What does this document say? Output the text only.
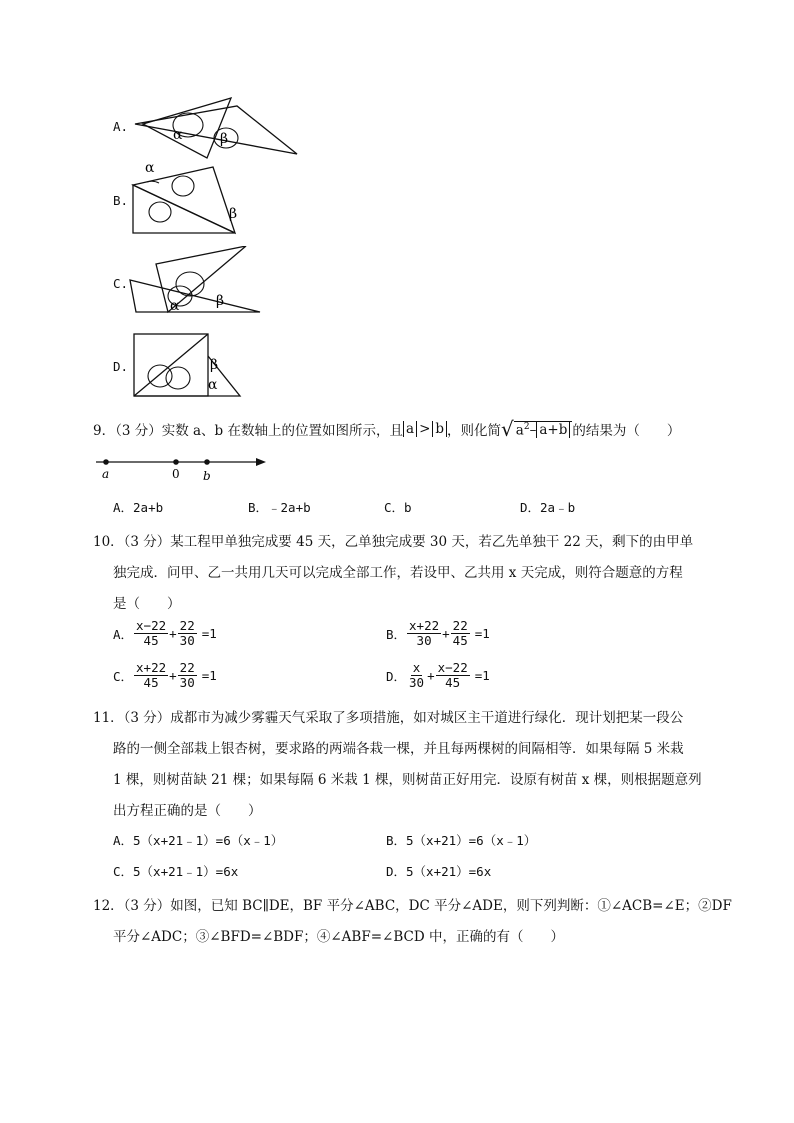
A.
α	β
B.
α
β
C.
α	β
D.	β
α
9．（3 分）实数 a、b 在数轴上的位置如图所示，且 a > b ，则化简 √ $a^2-$ a+b 的结果为（　　）
a	0 b
A．2a+b	B．﹣2a+b	C．b	D．2a﹣b
10．（3 分）某工程甲单独完成要 45 天，乙单独完成要 30 天，若乙先单独干 22 天，剩下的由甲单
独完成．问甲、乙一共用几天可以完成全部工作，若设甲、乙共用 x 天完成，则符合题意的方程
是（　　）
A． $\frac{x-22}{45} + \frac{22}{30} =1$	B． $\frac{x+22}{30} + \frac{22}{45} =1$
C． $\frac{x+22}{45} + \frac{22}{30} =1$	D． $\frac{x}{30} + \frac{x-22}{45} =1$
11．（3 分）成都市为减少雾霾天气采取了多项措施，如对城区主干道进行绿化．现计划把某一段公
路的一侧全部栽上银杏树，要求路的两端各栽一棵，并且每两棵树的间隔相等．如果每隔 5 米栽
1 棵，则树苗缺 21 棵；如果每隔 6 米栽 1 棵，则树苗正好用完．设原有树苗 x 棵，则根据题意列
出方程正确的是（　　）
A．5（x+21﹣1）=6（x﹣1）	B．5（x+21）=6（x﹣1）
C．5（x+21﹣1）=6x	D．5（x+21）=6x
12．（3 分）如图，已知 BC∥DE，BF 平分∠ABC，DC 平分∠ADE，则下列判断：①∠ACB=∠E；②DF
平分∠ADC；③∠BFD=∠BDF；④∠ABF=∠BCD 中，正确的有（　　）
